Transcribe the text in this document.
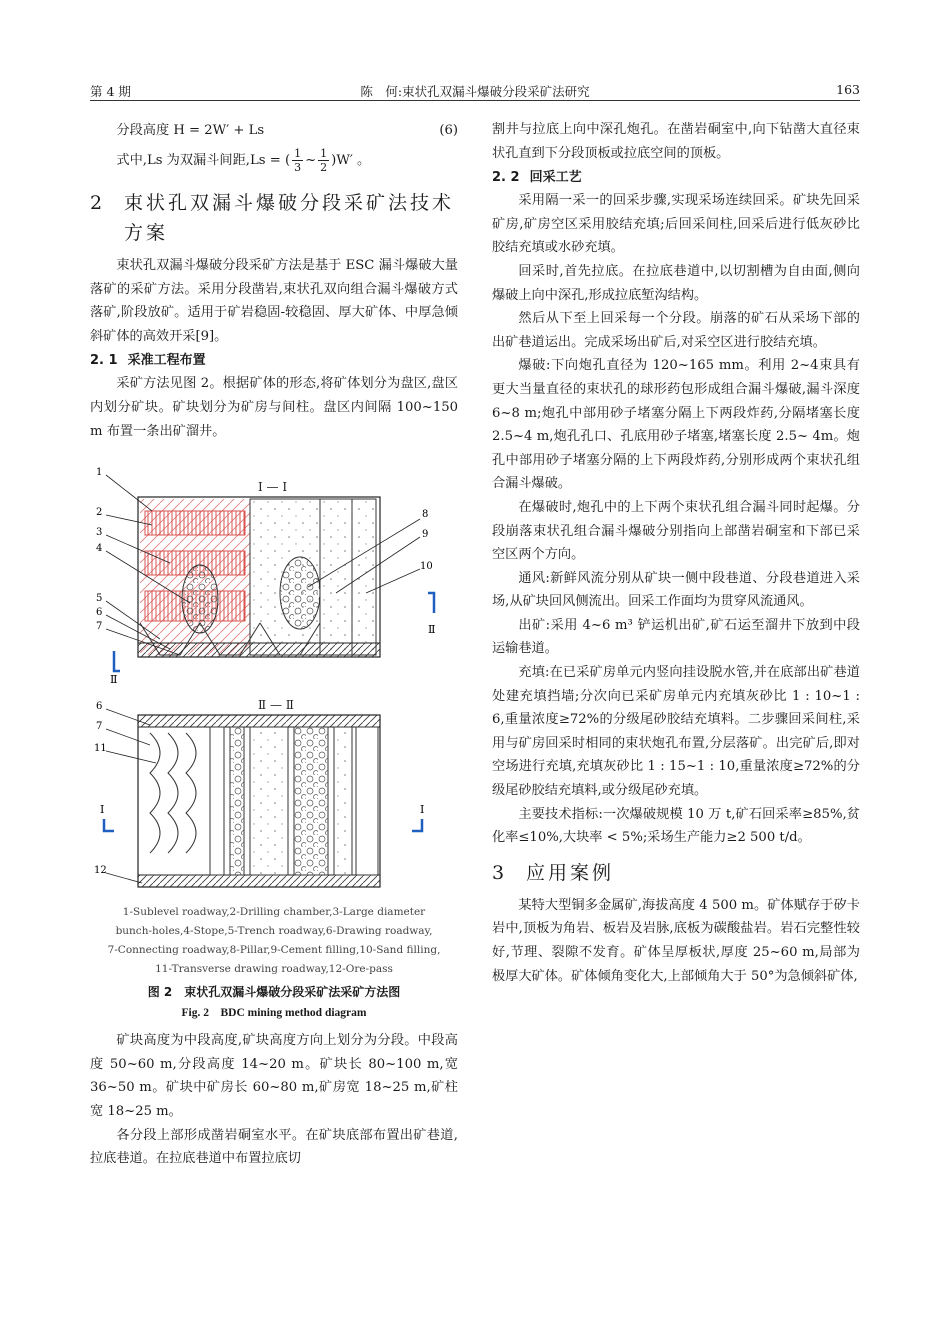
第 4 期	陈　何:束状孔双漏斗爆破分段采矿法研究	163
分段高度 H = 2W′ + Ls	(6)
式中,Ls 为双漏斗间距,Ls = ( $\frac{1}{3}$ ~ $\frac{1}{2} )W'$ 。
2 束状孔双漏斗爆破分段采矿法技术方案

束状孔双漏斗爆破分段采矿方法是基于 ESC 漏斗爆破大量落矿的采矿方法。采用分段凿岩,束状孔双向组合漏斗爆破方式落矿,阶段放矿。适用于矿岩稳固-较稳固、厚大矿体、中厚急倾斜矿体的高效开采[9]。

2. 1 采准工程布置

采矿方法见图 2。根据矿体的形态,将矿体划分为盘区,盘区内划分矿块。矿块划分为矿房与间柱。盘区内间隔 100~150 m 布置一条出矿溜井。

Ⅰ — Ⅰ
1
2
3
4
5
6
7
8
9
10
Ⅱ
Ⅱ
Ⅱ — Ⅱ
6
7
11
12
Ⅰ	Ⅰ
1-Sublevel roadway,2-Drilling chamber,3-Large diameter
bunch-holes,4-Stope,5-Trench roadway,6-Drawing roadway,
7-Connecting roadway,8-Pillar,9-Cement filling,10-Sand filling,
11-Transverse drawing roadway,12-Ore-pass
图 2　束状孔双漏斗爆破分段采矿法采矿方法图
Fig. 2　BDC mining method diagram

矿块高度为中段高度,矿块高度方向上划分为分段。中段高度 50~60 m,分段高度 14~20 m。矿块长 80~100 m,宽 36~50 m。矿块中矿房长 60~80 m,矿房宽 18~25 m,矿柱宽 18~25 m。

各分段上部形成凿岩硐室水平。在矿块底部布置出矿巷道,拉底巷道。在拉底巷道中布置拉底切

割井与拉底上向中深孔炮孔。在凿岩硐室中,向下钻凿大直径束状孔直到下分段顶板或拉底空间的顶板。

2. 2 回采工艺

采用隔一采一的回采步骤,实现采场连续回采。矿块先回采矿房,矿房空区采用胶结充填;后回采间柱,回采后进行低灰砂比胶结充填或水砂充填。

回采时,首先拉底。在拉底巷道中,以切割槽为自由面,侧向爆破上向中深孔,形成拉底堑沟结构。

然后从下至上回采每一个分段。崩落的矿石从采场下部的出矿巷道运出。完成采场出矿后,对采空区进行胶结充填。

爆破:下向炮孔直径为 120~165 mm。利用 2~4束具有更大当量直径的束状孔的球形药包形成组合漏斗爆破,漏斗深度 6~8 m;炮孔中部用砂子堵塞分隔上下两段炸药,分隔堵塞长度 2.5~4 m,炮孔孔口、孔底用砂子堵塞,堵塞长度 2.5~ 4m。炮孔中部用砂子堵塞分隔的上下两段炸药,分别形成两个束状孔组合漏斗爆破。

在爆破时,炮孔中的上下两个束状孔组合漏斗同时起爆。分段崩落束状孔组合漏斗爆破分别指向上部凿岩硐室和下部已采空区两个方向。

通风:新鲜风流分别从矿块一侧中段巷道、分段巷道进入采场,从矿块回风侧流出。回采工作面均为贯穿风流通风。

出矿:采用 4~6 m³ 铲运机出矿,矿石运至溜井下放到中段运输巷道。

充填:在已采矿房单元内竖向挂设脱水管,并在底部出矿巷道处建充填挡墙;分次向已采矿房单元内充填灰砂比 1 : 10~1 : 6,重量浓度≥72%的分级尾砂胶结充填料。二步骤回采间柱,采用与矿房回采时相同的束状炮孔布置,分层落矿。出完矿后,即对空场进行充填,充填灰砂比 1 : 15~1 : 10,重量浓度≥72%的分级尾砂胶结充填料,或分级尾砂充填。

主要技术指标:一次爆破规模 10 万 t,矿石回采率≥85%,贫化率≤10%,大块率 < 5%;采场生产能力≥2 500 t/d。

3 应用案例

某特大型铜多金属矿,海拔高度 4 500 m。矿体赋存于矽卡岩中,顶板为角岩、板岩及岩脉,底板为碳酸盐岩。岩石完整性较好,节理、裂隙不发育。矿体呈厚板状,厚度 25~60 m,局部为极厚大矿体。矿体倾角变化大,上部倾角大于 50°为急倾斜矿体,
